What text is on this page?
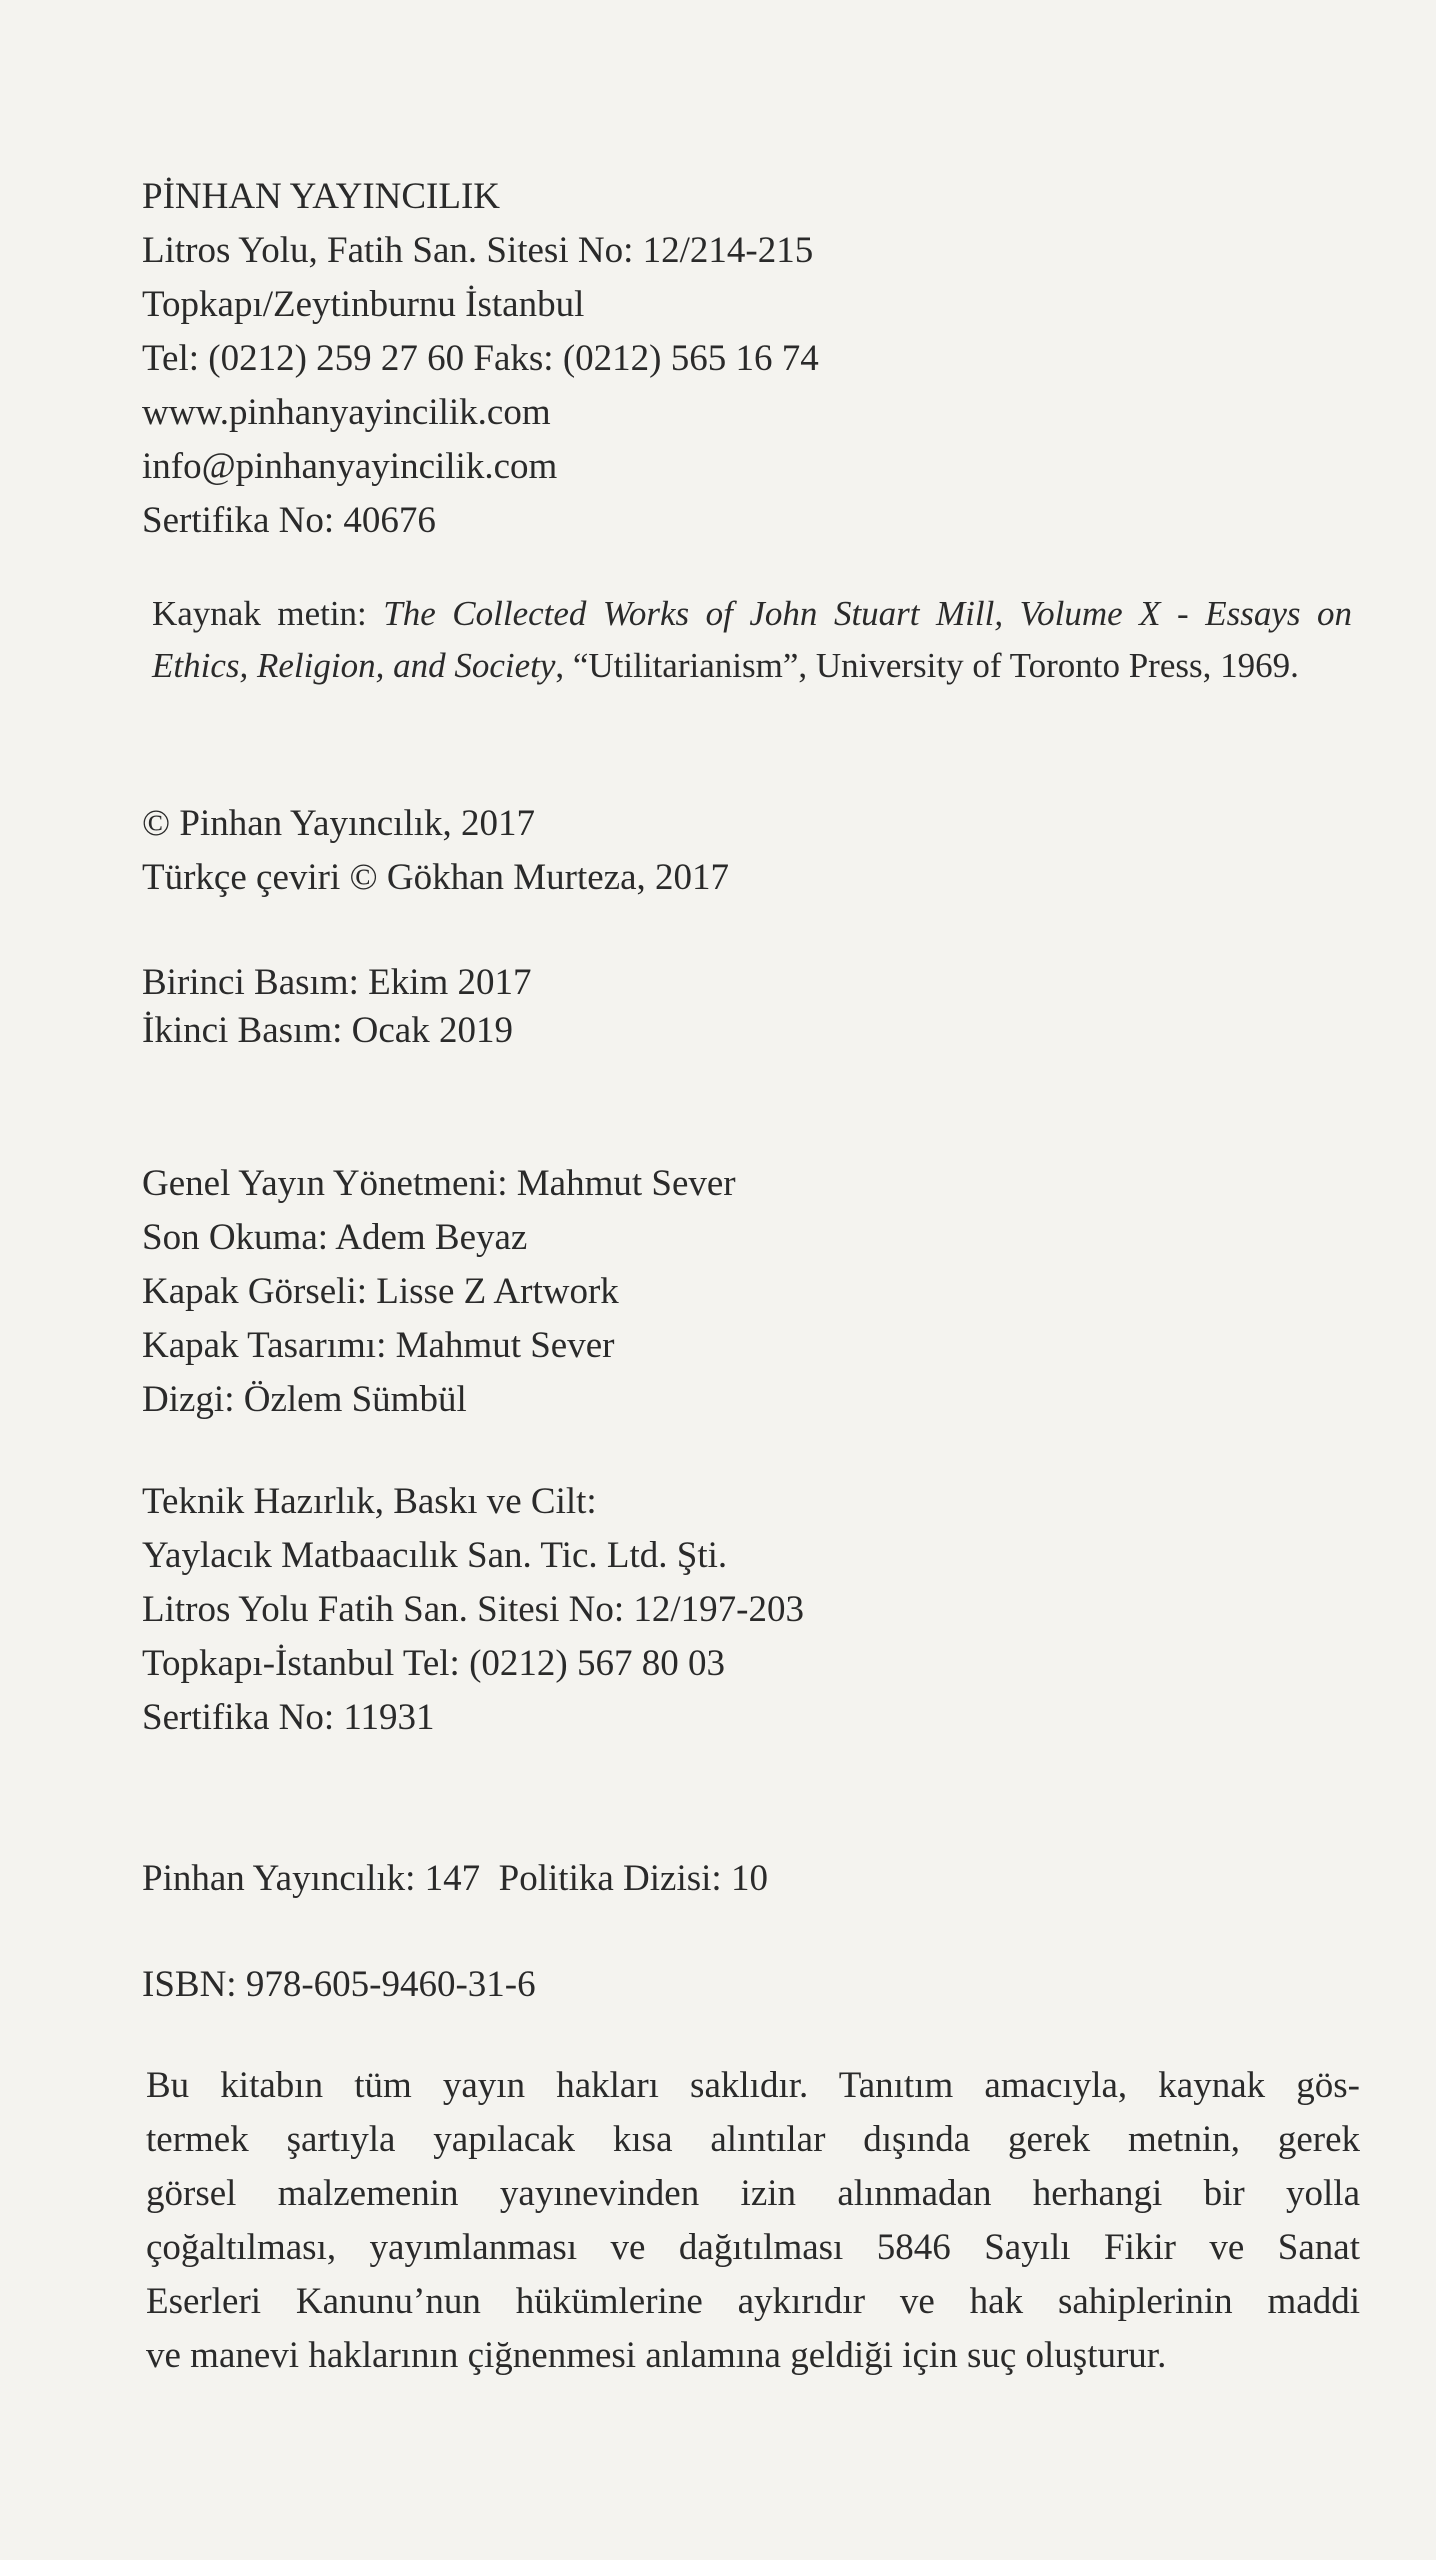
PİNHAN YAYINCILIK
Litros Yolu, Fatih San. Sitesi No: 12/214-215
Topkapı/Zeytinburnu İstanbul
Tel: (0212) 259 27 60 Faks: (0212) 565 16 74
www.pinhanyayincilik.com
info@pinhanyayincilik.com
Sertifika No: 40676
Kaynak metin: The Collected Works of John Stuart Mill, Volume X - Essays on Ethics, Religion, and Society, “Utilitarianism”, University of Toronto Press, 1969.
© Pinhan Yayıncılık, 2017
Türkçe çeviri © Gökhan Murteza, 2017
Birinci Basım: Ekim 2017
İkinci Basım: Ocak 2019
Genel Yayın Yönetmeni: Mahmut Sever
Son Okuma: Adem Beyaz
Kapak Görseli: Lisse Z Artwork
Kapak Tasarımı: Mahmut Sever
Dizgi: Özlem Sümbül
Teknik Hazırlık, Baskı ve Cilt:
Yaylacık Matbaacılık San. Tic. Ltd. Şti.
Litros Yolu Fatih San. Sitesi No: 12/197-203
Topkapı-İstanbul Tel: (0212) 567 80 03
Sertifika No: 11931
Pinhan Yayıncılık: 147  Politika Dizisi: 10
ISBN: 978-605-9460-31-6
Bu kitabın tüm yayın hakları saklıdır. Tanıtım amacıyla, kaynak gös-
termek şartıyla yapılacak kısa alıntılar dışında gerek metnin, gerek
görsel malzemenin yayınevinden izin alınmadan herhangi bir yolla
çoğaltılması, yayımlanması ve dağıtılması 5846 Sayılı Fikir ve Sanat
Eserleri Kanunu’nun hükümlerine aykırıdır ve hak sahiplerinin maddi
ve manevi haklarının çiğnenmesi anlamına geldiği için suç oluşturur.
